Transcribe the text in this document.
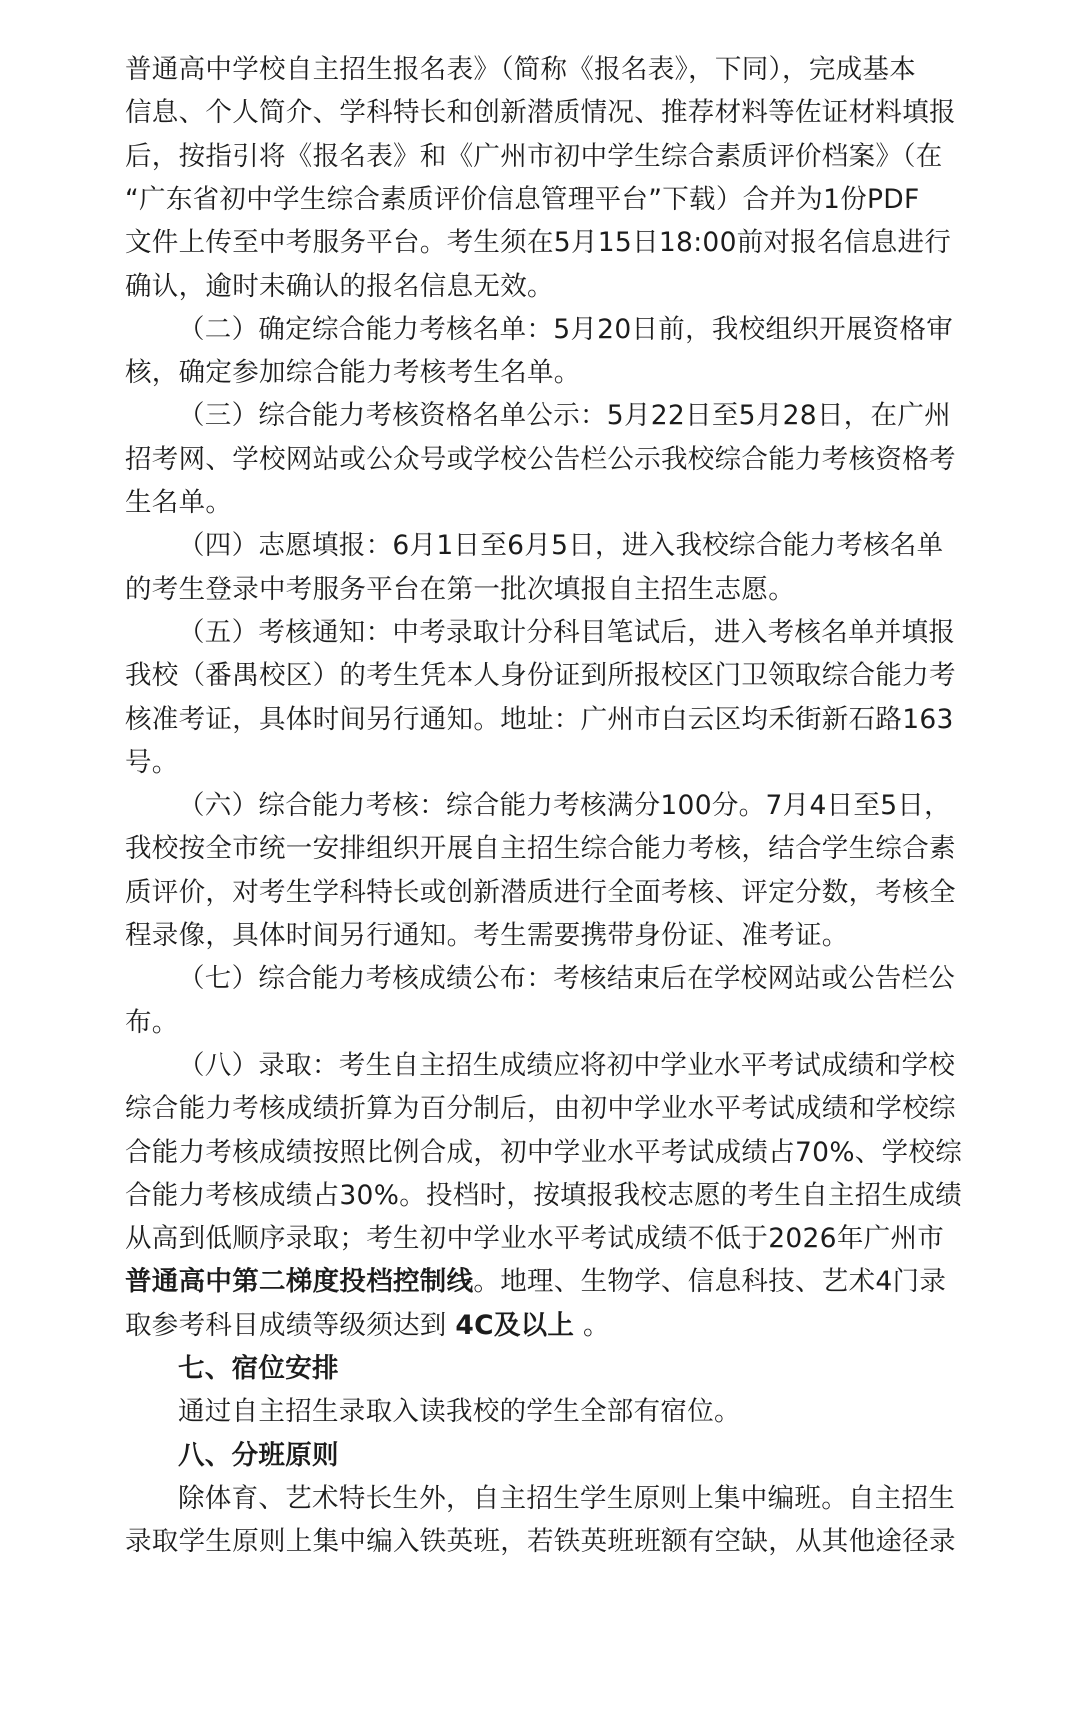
普通高中学校自主招生报名表》（简称《报名表》，下同），完成基本
信息、个人简介、学科特长和创新潜质情况、推荐材料等佐证材料填报
后，按指引将《报名表》和《广州市初中学生综合素质评价档案》（在
“广东省初中学生综合素质评价信息管理平台”下载）合并为1份PDF
文件上传至中考服务平台。考生须在5月15日18:00前对报名信息进行
确认，逾时未确认的报名信息无效。
（二）确定综合能力考核名单：5月20日前，我校组织开展资格审
核，确定参加综合能力考核考生名单。
（三）综合能力考核资格名单公示：5月22日至5月28日，在广州
招考网、学校网站或公众号或学校公告栏公示我校综合能力考核资格考
生名单。
（四）志愿填报：6月1日至6月5日，进入我校综合能力考核名单
的考生登录中考服务平台在第一批次填报自主招生志愿。
（五）考核通知：中考录取计分科目笔试后，进入考核名单并填报
我校（番禺校区）的考生凭本人身份证到所报校区门卫领取综合能力考
核准考证，具体时间另行通知。地址：广州市白云区均禾街新石路163
号。
（六）综合能力考核：综合能力考核满分100分。7月4日至5日，
我校按全市统一安排组织开展自主招生综合能力考核，结合学生综合素
质评价，对考生学科特长或创新潜质进行全面考核、评定分数，考核全
程录像，具体时间另行通知。考生需要携带身份证、准考证。
（七）综合能力考核成绩公布：考核结束后在学校网站或公告栏公
布。
（八）录取：考生自主招生成绩应将初中学业水平考试成绩和学校
综合能力考核成绩折算为百分制后，由初中学业水平考试成绩和学校综
合能力考核成绩按照比例合成，初中学业水平考试成绩占70%、学校综
合能力考核成绩占30%。投档时，按填报我校志愿的考生自主招生成绩
从高到低顺序录取；考生初中学业水平考试成绩不低于2026年广州市
普通高中第二梯度投档控制线。地理、生物学、信息科技、艺术4门录
取参考科目成绩等级须达到 4C及以上 。
七、宿位安排
通过自主招生录取入读我校的学生全部有宿位。
八、分班原则
除体育、艺术特长生外，自主招生学生原则上集中编班。自主招生
录取学生原则上集中编入铁英班，若铁英班班额有空缺，从其他途径录
